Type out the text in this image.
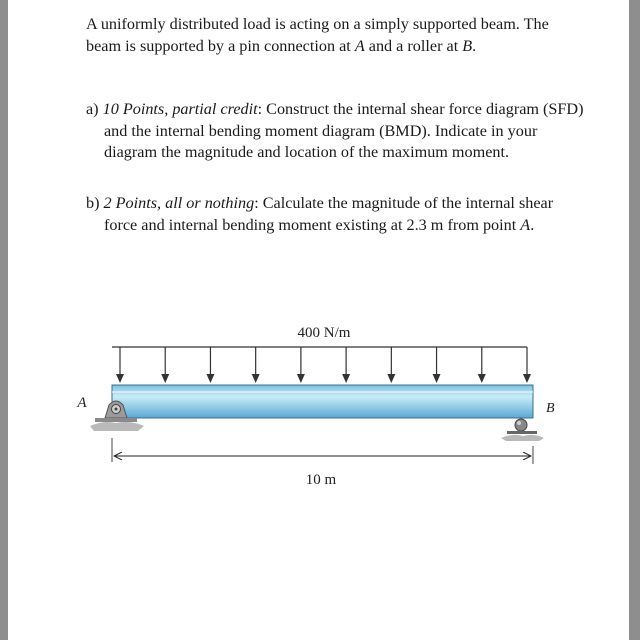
A uniformly distributed load is acting on a simply supported beam. The beam is supported by a pin connection at A and a roller at B.

a) 10 Points, partial credit: Construct the internal shear force diagram (SFD) and the internal bending moment diagram (BMD). Indicate in your diagram the magnitude and location of the maximum moment.

b) 2 Points, all or nothing: Calculate the magnitude of the internal shear force and internal bending moment existing at 2.3 m from point A.

400 N/m
A	B
10 m
